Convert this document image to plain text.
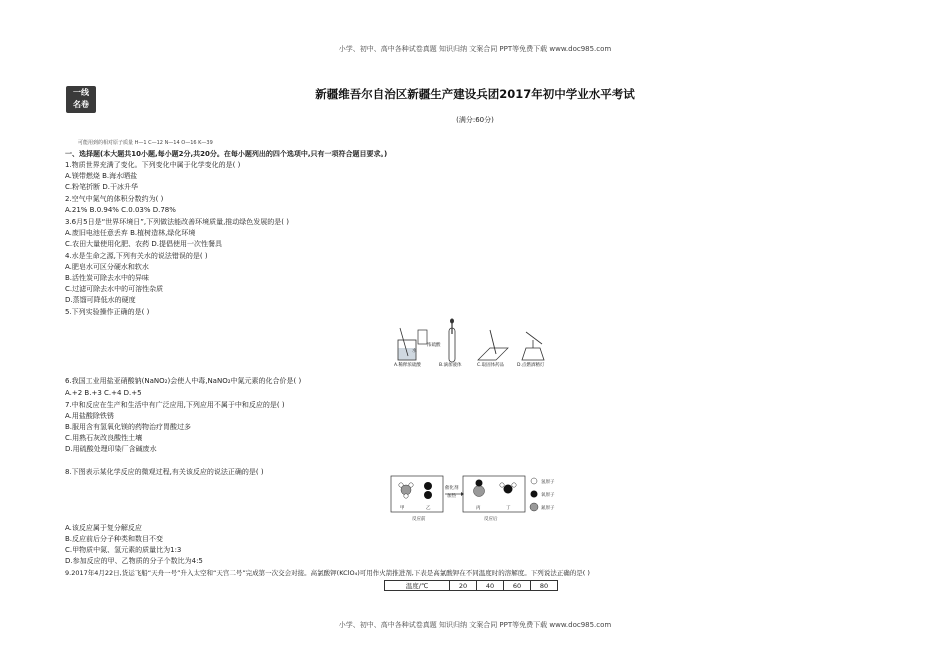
小学、初中、高中各种试卷真题 知识归纳 文案合同 PPT等免费下载 www.doc985.com
一线
名卷
新疆维吾尔自治区新疆生产建设兵团2017年初中学业水平考试
(满分:60分)
可能用到的相对原子质量 H—1 C—12 N—14 O—16 K—39
一、选择题(本大题共10小题,每小题2分,共20分。在每小题列出的四个选项中,只有一项符合题目要求。)
1.物质世界充满了变化。下列变化中属于化学变化的是( )
A.镁带燃烧 B.海水晒盐
C.粉笔折断 D.干冰升华
2.空气中氮气的体积分数约为( )
A.21% B.0.94% C.0.03% D.78%
3.6月5日是“世界环境日”,下列做法能改善环境质量,推动绿色发展的是( )
A.废旧电池任意丢弃 B.植树造林,绿化环境
C.农田大量使用化肥、农药 D.提倡使用一次性餐具
4.水是生命之源,下列有关水的说法错误的是( )
A.肥皂水可区分硬水和软水
B.活性炭可除去水中的异味
C.过滤可除去水中的可溶性杂质
D.蒸馏可降低水的硬度
5.下列实验操作正确的是( )
浓硫酸
水
A.稀释浓硫酸	B.滴加液体	C.取固体药品	D.点燃酒精灯
6.我国工业用盐亚硝酸钠(NaNO₂)会使人中毒,NaNO₂中氮元素的化合价是( )
A.+2 B.+3 C.+4 D.+5
7.中和反应在生产和生活中有广泛应用,下列应用不属于中和反应的是( )
A.用盐酸除铁锈
B.服用含有氢氧化镁的药物治疗胃酸过多
C.用熟石灰改良酸性土壤
D.用硫酸处理印染厂含碱废水
8.下图表示某化学反应的微观过程,有关该反应的说法正确的是( )
甲	乙	丙	丁
催化剂
加热
氢原子
氧原子
氮原子
反应前	反应后
A.该反应属于复分解反应
B.反应前后分子种类和数目不变
C.甲物质中氮、氢元素的质量比为1:3
D.参加反应的甲、乙物质的分子个数比为4:5
9.2017年4月22日,货运飞船“天舟一号”升入太空和“天宫二号”完成第一次交会对接。高氯酸钾(KClO₄)可用作火箭推进剂,下表是高氯酸钾在不同温度时的溶解度。下列说法正确的是( )
温度/℃	20	40	60	80
小学、初中、高中各种试卷真题 知识归纳 文案合同 PPT等免费下载 www.doc985.com
